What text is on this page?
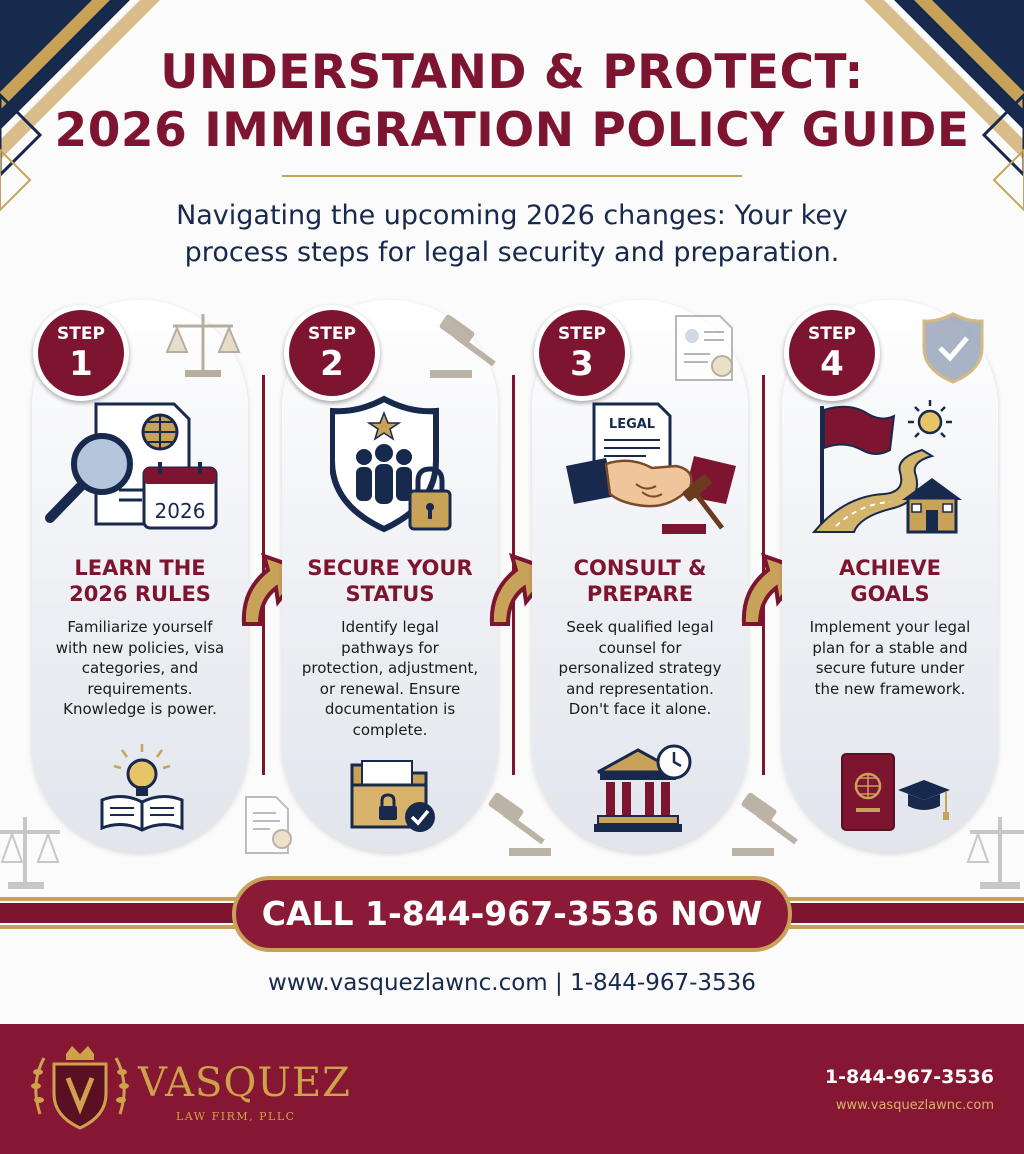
UNDERSTAND & PROTECT:
2026 IMMIGRATION POLICY GUIDE
Navigating the upcoming 2026 changes: Your key
process steps for legal security and preparation.
STEP
1
2026
LEARN THE
2026 RULES
Familiarize yourself
with new policies, visa
categories, and
requirements.
Knowledge is power.
STEP
2
SECURE YOUR
STATUS
Identify legal
pathways for
protection, adjustment,
or renewal. Ensure
documentation is
complete.
STEP
3
LEGAL
CONSULT &
PREPARE
Seek qualified legal
counsel for
personalized strategy
and representation.
Don't face it alone.
STEP
4
ACHIEVE
GOALS
Implement your legal
plan for a stable and
secure future under
the new framework.
CALL 1-844-967-3536 NOW
www.vasquezlawnc.com | 1-844-967-3536
VASQUEZ
LAW FIRM, PLLC
1-844-967-3536
www.vasquezlawnc.com
